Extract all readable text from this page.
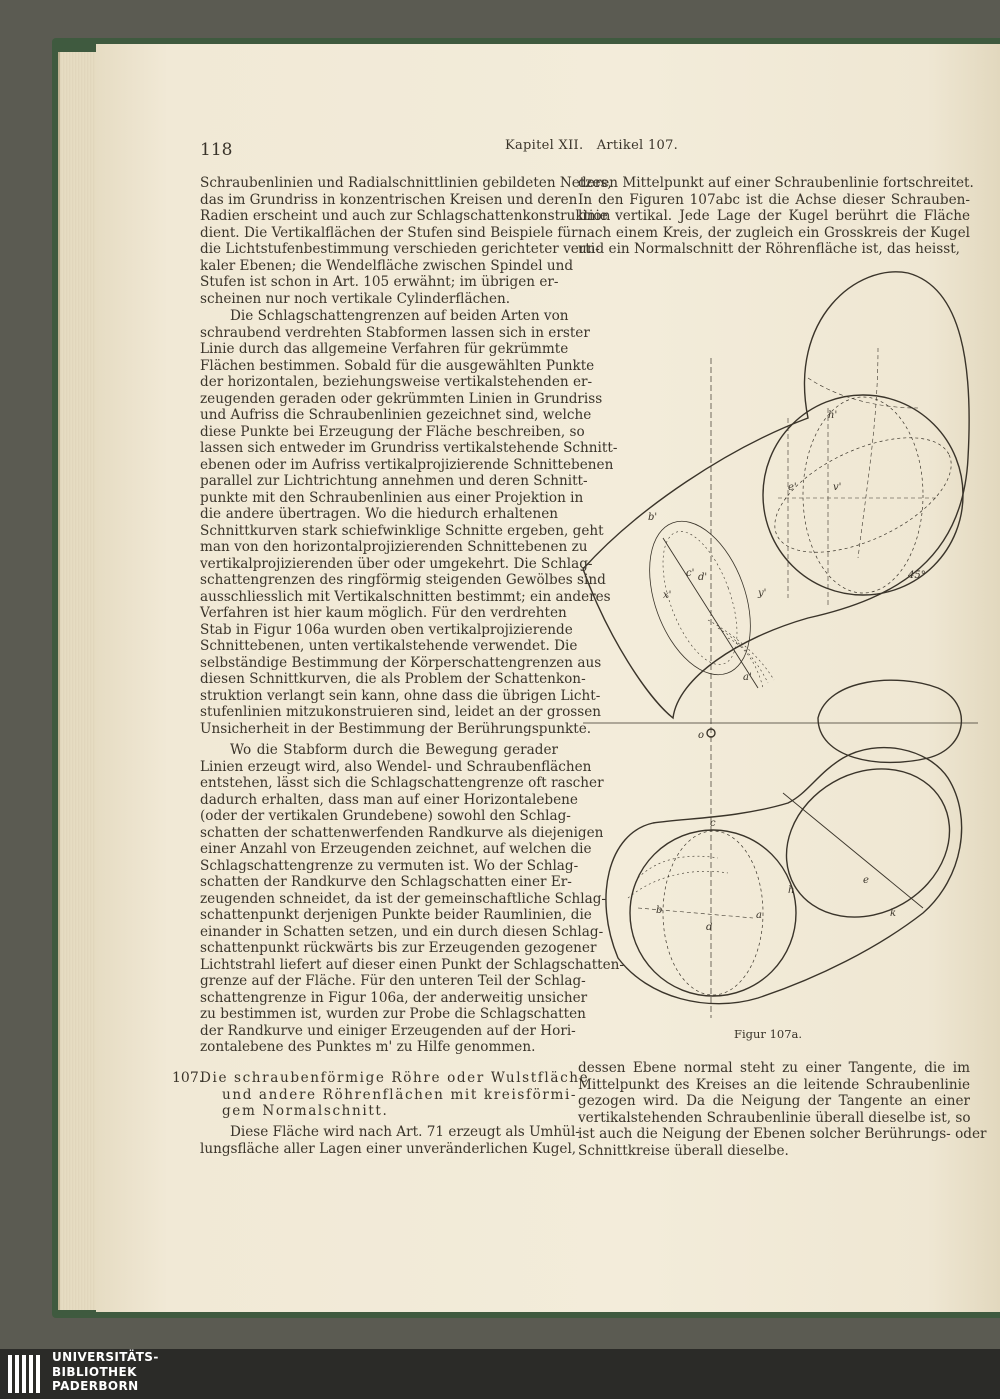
118	Kapitel XII.   Artikel 107.
Schraubenlinien und Radialschnittlinien gebildeten Netzes,
das im Grundriss in konzentrischen Kreisen und deren
Radien erscheint und auch zur Schlagschattenkonstruktion
dient. Die Vertikalflächen der Stufen sind Beispiele für
die Lichtstufenbestimmung verschieden gerichteter verti-
kaler Ebenen; die Wendelfläche zwischen Spindel und
Stufen ist schon in Art. 105 erwähnt; im übrigen er-
scheinen nur noch vertikale Cylinderflächen.
Die Schlagschattengrenzen auf beiden Arten von
schraubend verdrehten Stabformen lassen sich in erster
Linie durch das allgemeine Verfahren für gekrümmte
Flächen bestimmen. Sobald für die ausgewählten Punkte
der horizontalen, beziehungsweise vertikalstehenden er-
zeugenden geraden oder gekrümmten Linien in Grundriss
und Aufriss die Schraubenlinien gezeichnet sind, welche
diese Punkte bei Erzeugung der Fläche beschreiben, so
lassen sich entweder im Grundriss vertikalstehende Schnitt-
ebenen oder im Aufriss vertikalprojizierende Schnittebenen
parallel zur Lichtrichtung annehmen und deren Schnitt-
punkte mit den Schraubenlinien aus einer Projektion in
die andere übertragen. Wo die hiedurch erhaltenen
Schnittkurven stark schiefwinklige Schnitte ergeben, geht
man von den horizontalprojizierenden Schnittebenen zu
vertikalprojizierenden über oder umgekehrt. Die Schlag-
schattengrenzen des ringförmig steigenden Gewölbes sind
ausschliesslich mit Vertikalschnitten bestimmt; ein anderes
Verfahren ist hier kaum möglich. Für den verdrehten
Stab in Figur 106a wurden oben vertikalprojizierende
Schnittebenen, unten vertikalstehende verwendet. Die
selbständige Bestimmung der Körperschattengrenzen aus
diesen Schnittkurven, die als Problem der Schattenkon-
struktion verlangt sein kann, ohne dass die übrigen Licht-
stufenlinien mitzukonstruieren sind, leidet an der grossen
Unsicherheit in der Bestimmung der Berührungspunkte.
Wo die Stabform durch die Bewegung gerader
Linien erzeugt wird, also Wendel- und Schraubenflächen
entstehen, lässt sich die Schlagschattengrenze oft rascher
dadurch erhalten, dass man auf einer Horizontalebene
(oder der vertikalen Grundebene) sowohl den Schlag-
schatten der schattenwerfenden Randkurve als diejenigen
einer Anzahl von Erzeugenden zeichnet, auf welchen die
Schlagschattengrenze zu vermuten ist. Wo der Schlag-
schatten der Randkurve den Schlagschatten einer Er-
zeugenden schneidet, da ist der gemeinschaftliche Schlag-
schattenpunkt derjenigen Punkte beider Raumlinien, die
einander in Schatten setzen, und ein durch diesen Schlag-
schattenpunkt rückwärts bis zur Erzeugenden gezogener
Lichtstrahl liefert auf dieser einen Punkt der Schlagschatten-
grenze auf der Fläche. Für den unteren Teil der Schlag-
schattengrenze in Figur 106a, der anderweitig unsicher
zu bestimmen ist, wurden zur Probe die Schlagschatten
der Randkurve und einiger Erzeugenden auf der Hori-
zontalebene des Punktes m' zu Hilfe genommen.
107.
Die schraubenförmige Röhre oder Wulstfläche
und andere Röhrenflächen mit kreisförmi-
gem Normalschnitt.
Diese Fläche wird nach Art. 71 erzeugt als Umhül-
lungsfläche aller Lagen einer unveränderlichen Kugel,
deren Mittelpunkt auf einer Schraubenlinie fortschreitet.
In den Figuren 107abc ist die Achse dieser Schrauben-
linie vertikal. Jede Lage der Kugel berührt die Fläche
nach einem Kreis, der zugleich ein Grosskreis der Kugel
und ein Normalschnitt der Röhrenfläche ist, das heisst,
b'
c' d'
a'
x'	y'
e'
h'
v'
b
c
d
a
e
h
k
o
45°
Figur 107a.
dessen Ebene normal steht zu einer Tangente, die im
Mittelpunkt des Kreises an die leitende Schraubenlinie
gezogen wird. Da die Neigung der Tangente an einer
vertikalstehenden Schraubenlinie überall dieselbe ist, so
ist auch die Neigung der Ebenen solcher Berührungs- oder
Schnittkreise überall dieselbe.
UNIVERSITÄTS-
BIBLIOTHEK
PADERBORN
